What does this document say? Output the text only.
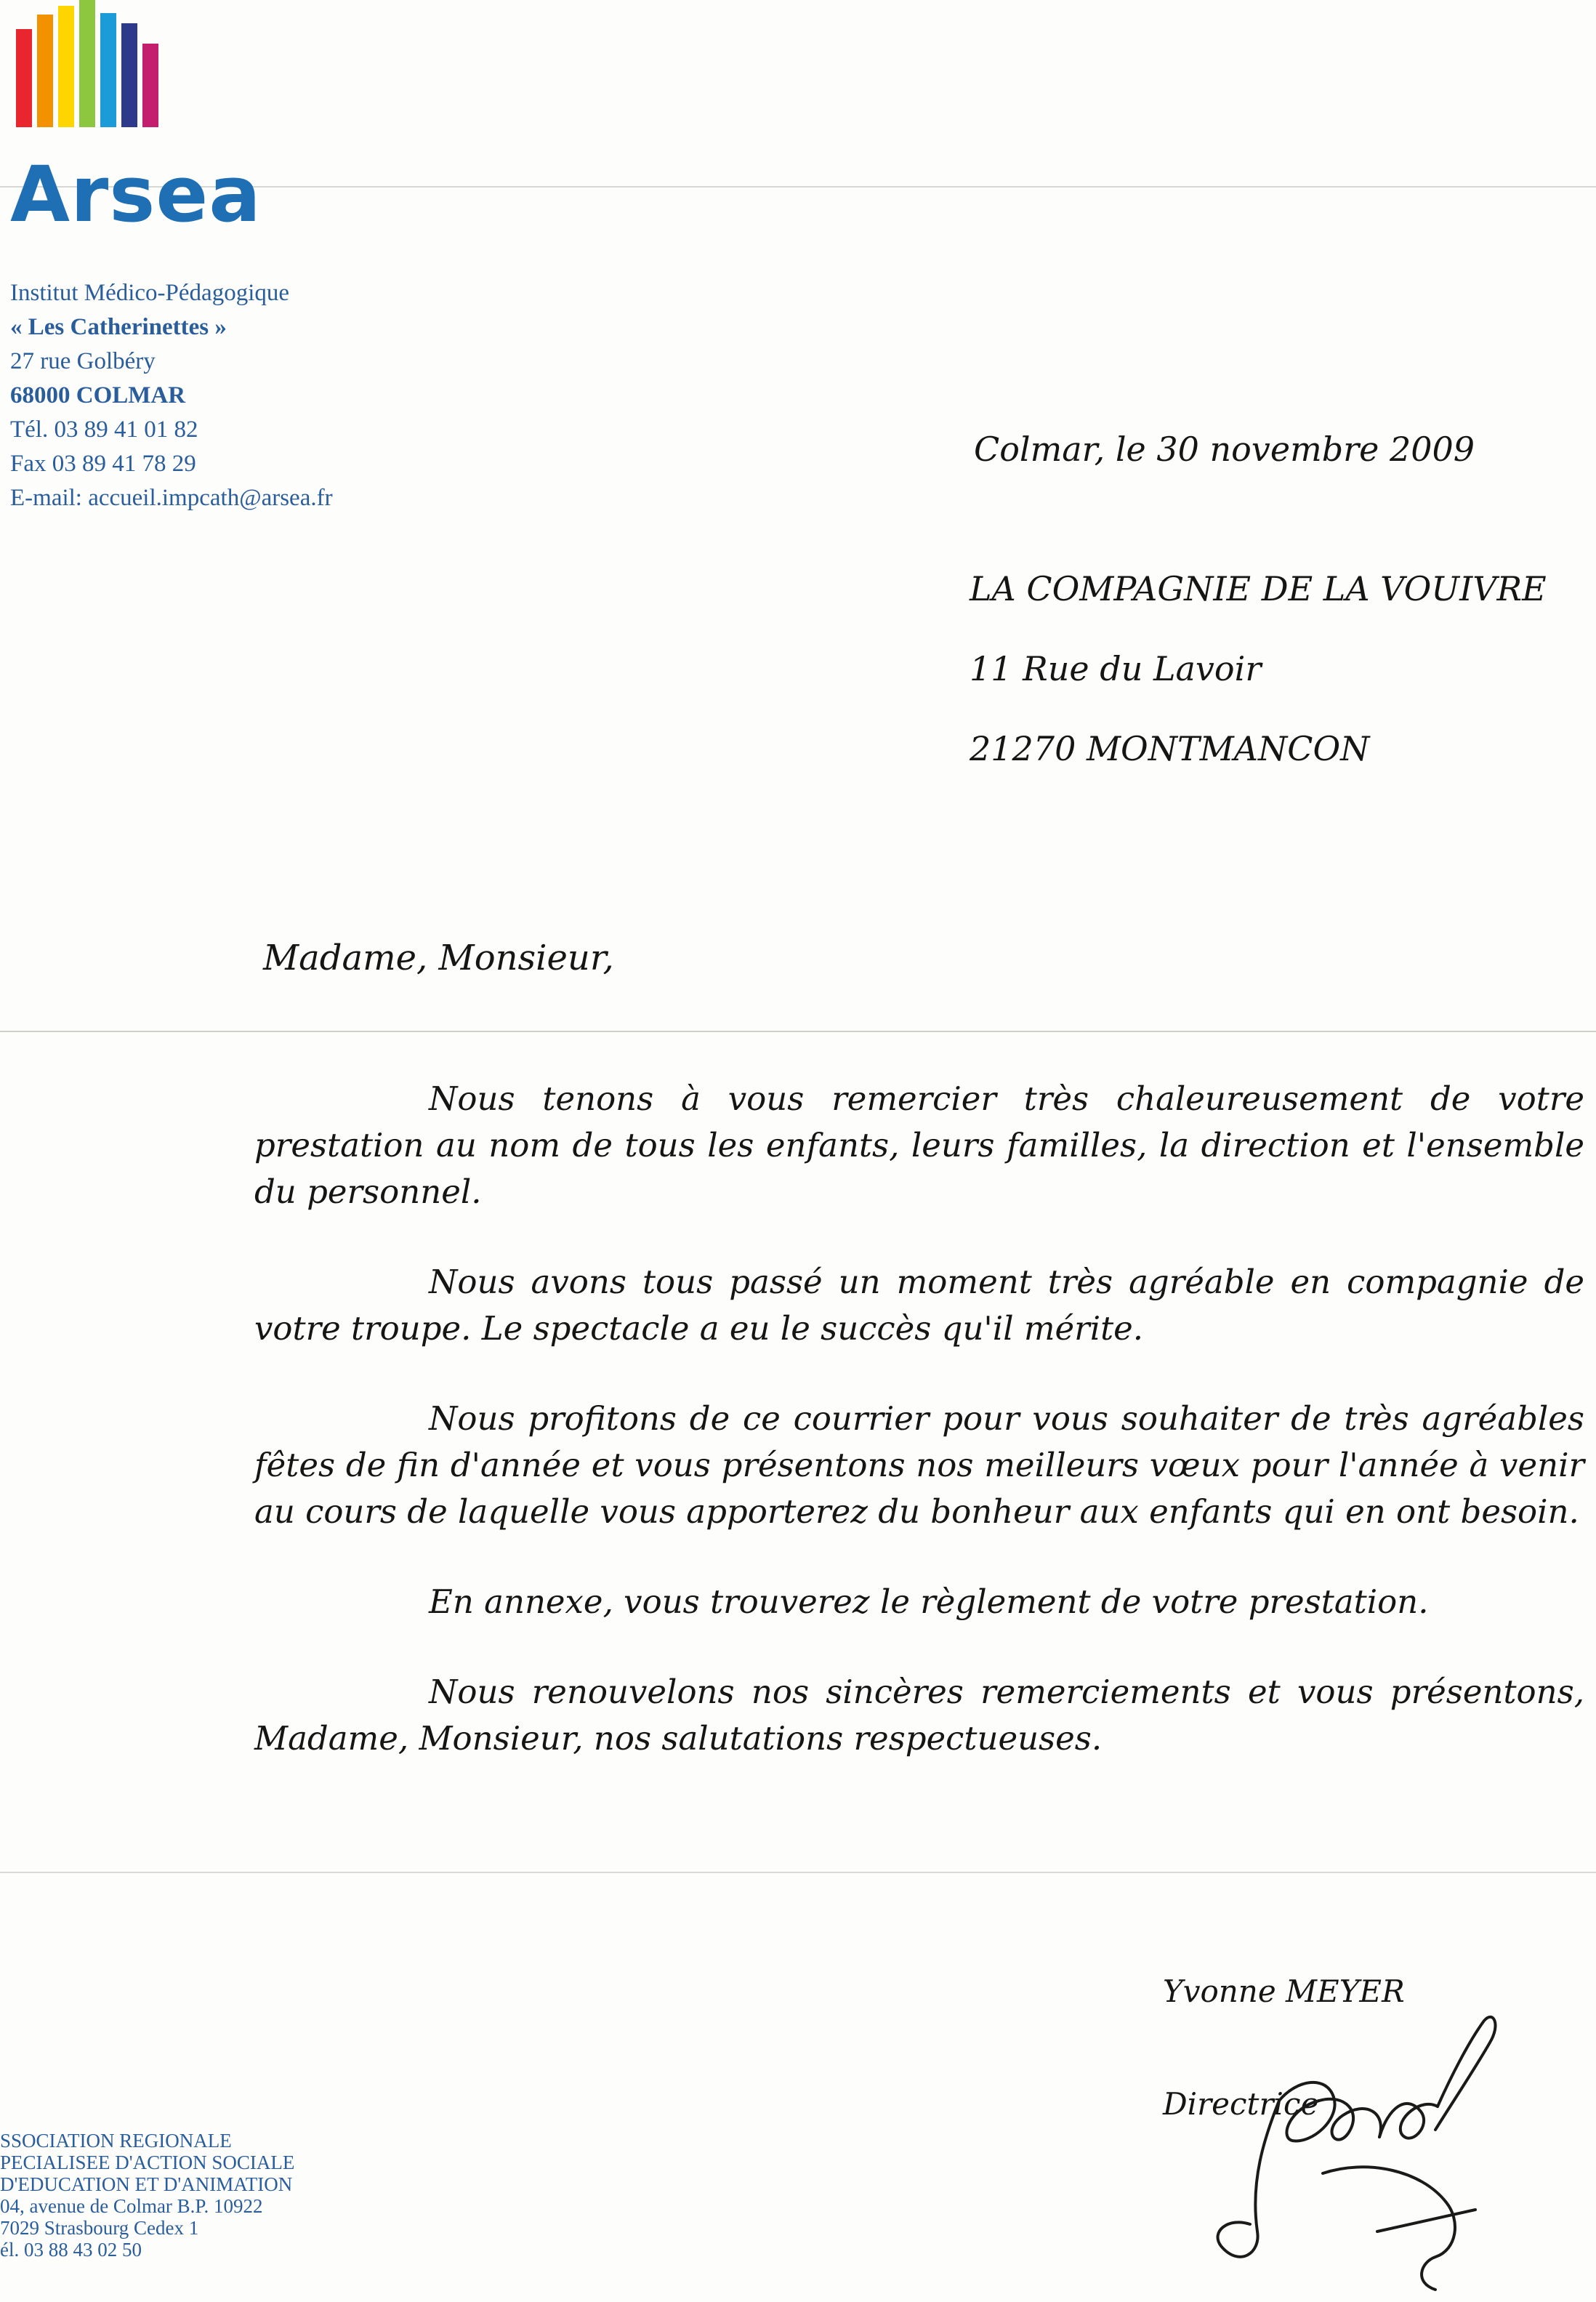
Arsea
Institut Médico-Pédagogique
« Les Catherinettes »
27 rue Golbéry
68000 COLMAR
Tél. 03 89 41 01 82
Fax 03 89 41 78 29
E-mail: accueil.impcath@arsea.fr
Colmar, le 30 novembre 2009
LA COMPAGNIE DE LA VOUIVRE
11 Rue du Lavoir
21270 MONTMANCON
Madame, Monsieur,

Nous tenons à vous remercier très chaleureusement de votre prestation au nom de tous les enfants, leurs familles, la direction et l'ensemble du personnel.

Nous avons tous passé un moment très agréable en compagnie de votre troupe. Le spectacle a eu le succès qu'il mérite.

Nous profitons de ce courrier pour vous souhaiter de très agréables fêtes de fin d'année et vous présentons nos meilleurs vœux pour l'année à venir au cours de laquelle vous apporterez du bonheur aux enfants qui en ont besoin.

En annexe, vous trouverez le règlement de votre prestation.

Nous renouvelons nos sincères remerciements et vous présentons, Madame, Monsieur, nos salutations respectueuses.

Yvonne MEYER
Directrice
SSOCIATION REGIONALE
PECIALISEE D'ACTION SOCIALE
D'EDUCATION ET D'ANIMATION
04, avenue de Colmar B.P. 10922
7029 Strasbourg Cedex 1
él. 03 88 43 02 50
